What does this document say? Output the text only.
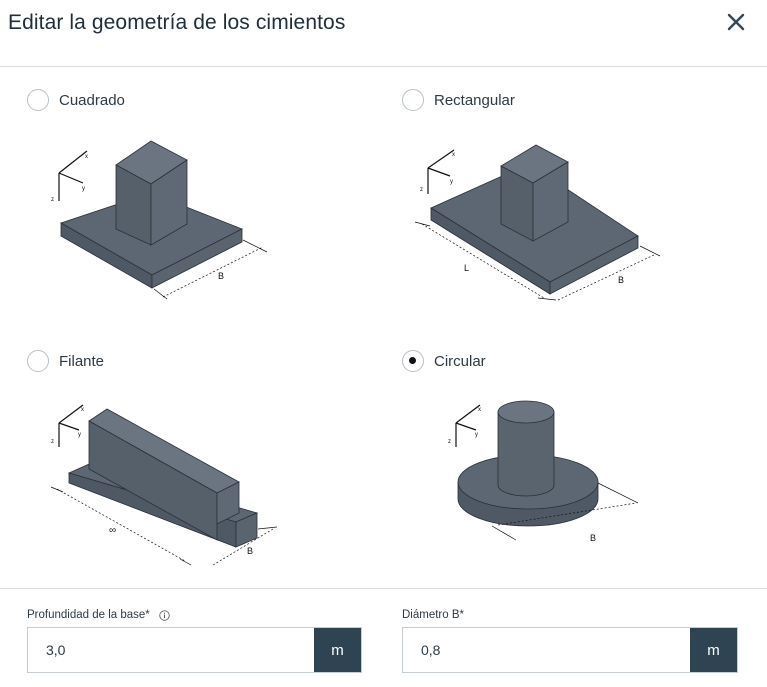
Editar la geometría de los cimientos
Cuadrado
x
y
z
B
Rectangular
x
y
z
L
B
Filante
x
y
z
∞
B
Circular
x
y
z
B
Profundidad de la base*
3,0
m
Diámetro B*
0,8
m
